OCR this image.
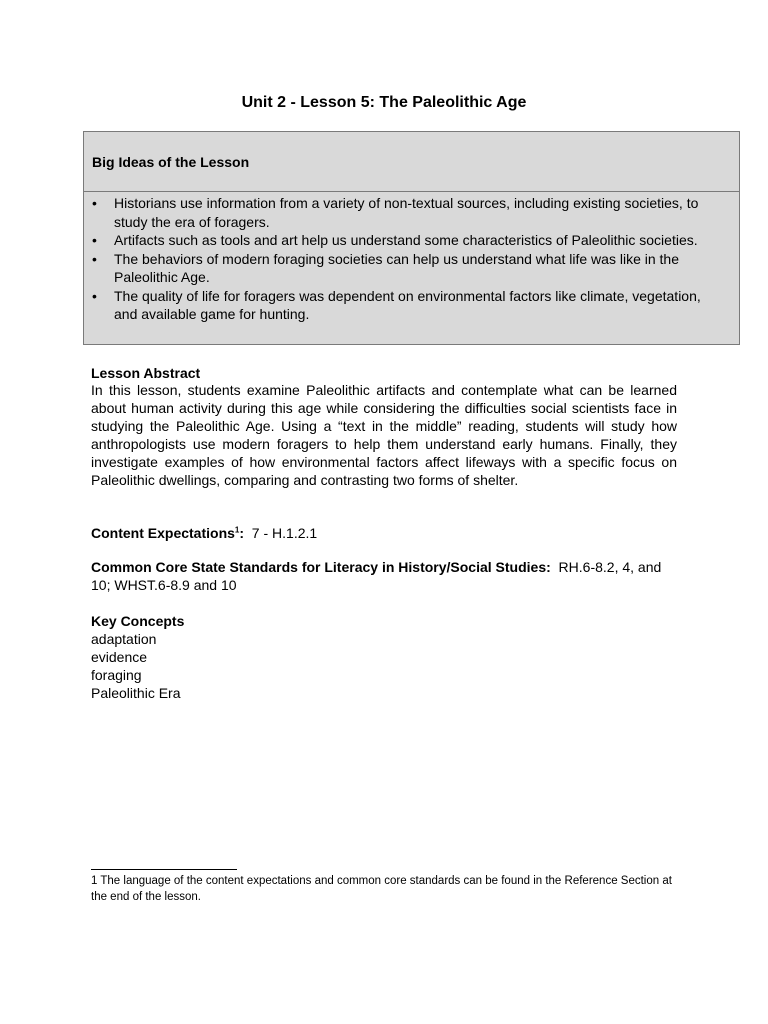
Unit 2 - Lesson 5: The Paleolithic Age
Big Ideas of the Lesson
• Historians use information from a variety of non-textual sources, including existing societies, to study the era of foragers.
• Artifacts such as tools and art help us understand some characteristics of Paleolithic societies.
• The behaviors of modern foraging societies can help us understand what life was like in the Paleolithic Age.
• The quality of life for foragers was dependent on environmental factors like climate, vegetation, and available game for hunting.
Lesson Abstract
In this lesson, students examine Paleolithic artifacts and contemplate what can be learned about human activity during this age while considering the difficulties social scientists face in studying the Paleolithic Age. Using a “text in the middle” reading, students will study how anthropologists use modern foragers to help them understand early humans. Finally, they investigate examples of how environmental factors affect lifeways with a specific focus on Paleolithic dwellings, comparing and contrasting two forms of shelter.
Content Expectations$^1$:  7 - H.1.2.1
Common Core State Standards for Literacy in History/Social Studies:  RH.6-8.2, 4, and 10; WHST.6-8.9 and 10
Key Concepts
adaptation
evidence
foraging
Paleolithic Era
1 The language of the content expectations and common core standards can be found in the Reference Section at the end of the lesson.
